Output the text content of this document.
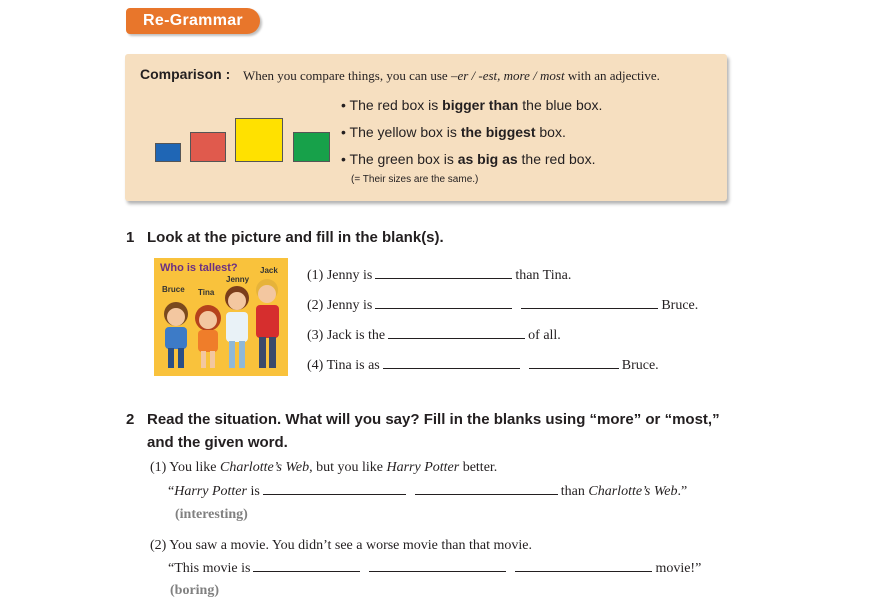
Re-Grammar
Comparison : When you compare things, you can use –er / -est, more / most with an adjective.
• The red box is bigger than the blue box.
• The yellow box is the biggest box.
• The green box is as big as the red box.
(= Their sizes are the same.)
1 Look at the picture and fill in the blank(s).
Who is tallest?	Jack
Jenny
Bruce Tina
(1) Jenny is	than Tina.
(2) Jenny is	Bruce.
(3) Jack is the	of all.
(4) Tina is as	Bruce.
2 Read the situation. What will you say? Fill in the blanks using “more” or “most,”
and the given word.
(1) You like Charlotte’s Web, but you like Harry Potter better.
“Harry Potter is	than Charlotte’s Web.”
(interesting)
(2) You saw a movie. You didn’t see a worse movie than that movie.
“This movie is	movie!”
(boring)
